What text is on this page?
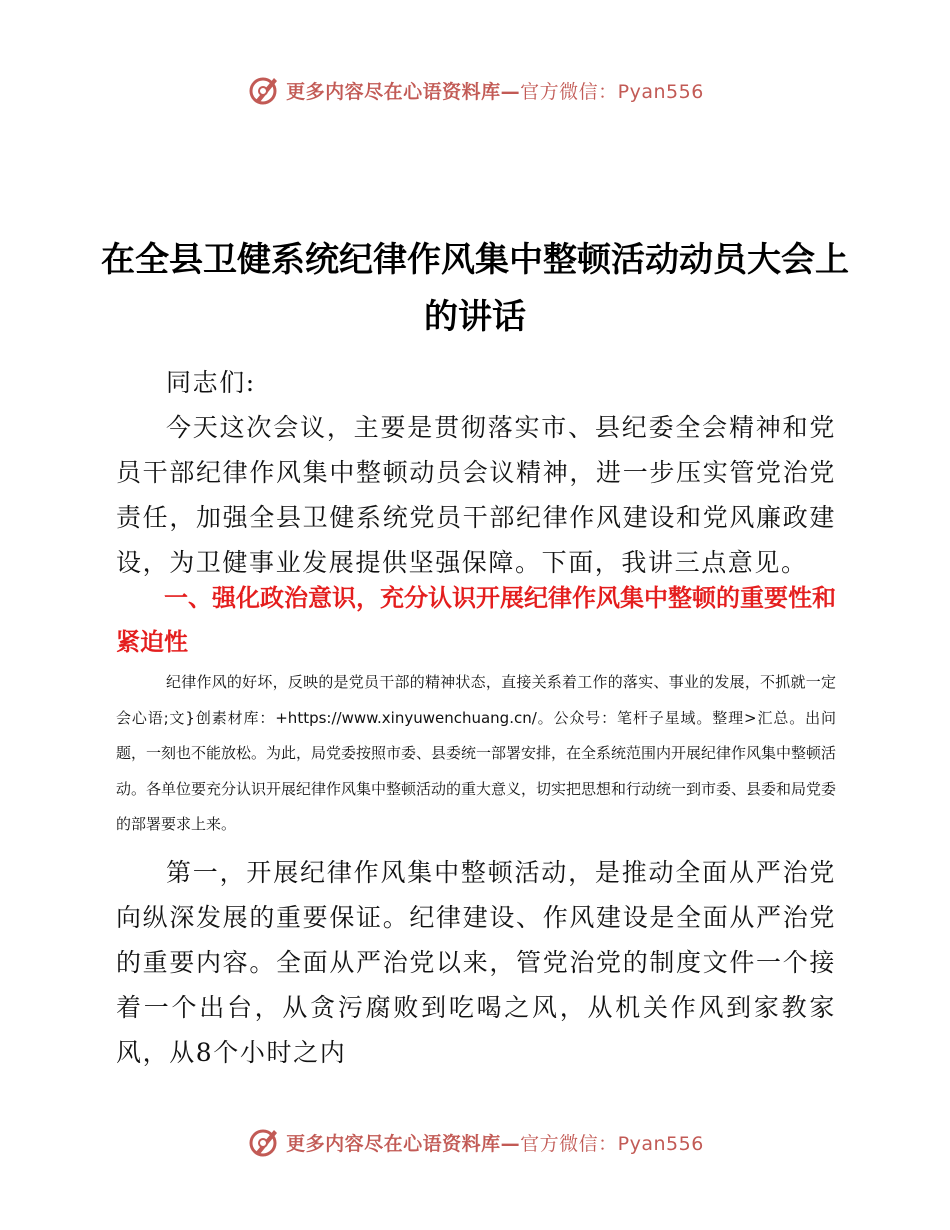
更多内容尽在心语资料库—官方微信：Pyan556
在全县卫健系统纪律作风集中整顿活动动员大会上的讲话

同志们:

今天这次会议，主要是贯彻落实市、县纪委全会精神和党员干部纪律作风集中整顿动员会议精神，进一步压实管党治党责任，加强全县卫健系统党员干部纪律作风建设和党风廉政建设，为卫健事业发展提供坚强保障。下面，我讲三点意见。

一、强化政治意识，充分认识开展纪律作风集中整顿的重要性和紧迫性

纪律作风的好坏，反映的是党员干部的精神状态，直接关系着工作的落实、事业的发展，不抓就一定会心语;文}创素材库：+https://www.xinyuwenchuang.cn/。公众号：笔杆子星域。整理>汇总。出问题，一刻也不能放松。为此，局党委按照市委、县委统一部署安排，在全系统范围内开展纪律作风集中整顿活动。各单位要充分认识开展纪律作风集中整顿活动的重大意义，切实把思想和行动统一到市委、县委和局党委的部署要求上来。

第一，开展纪律作风集中整顿活动，是推动全面从严治党向纵深发展的重要保证。纪律建设、作风建设是全面从严治党的重要内容。全面从严治党以来，管党治党的制度文件一个接着一个出台，从贪污腐败到吃喝之风，从机关作风到家教家风，从8个小时之内

更多内容尽在心语资料库—官方微信：Pyan556
